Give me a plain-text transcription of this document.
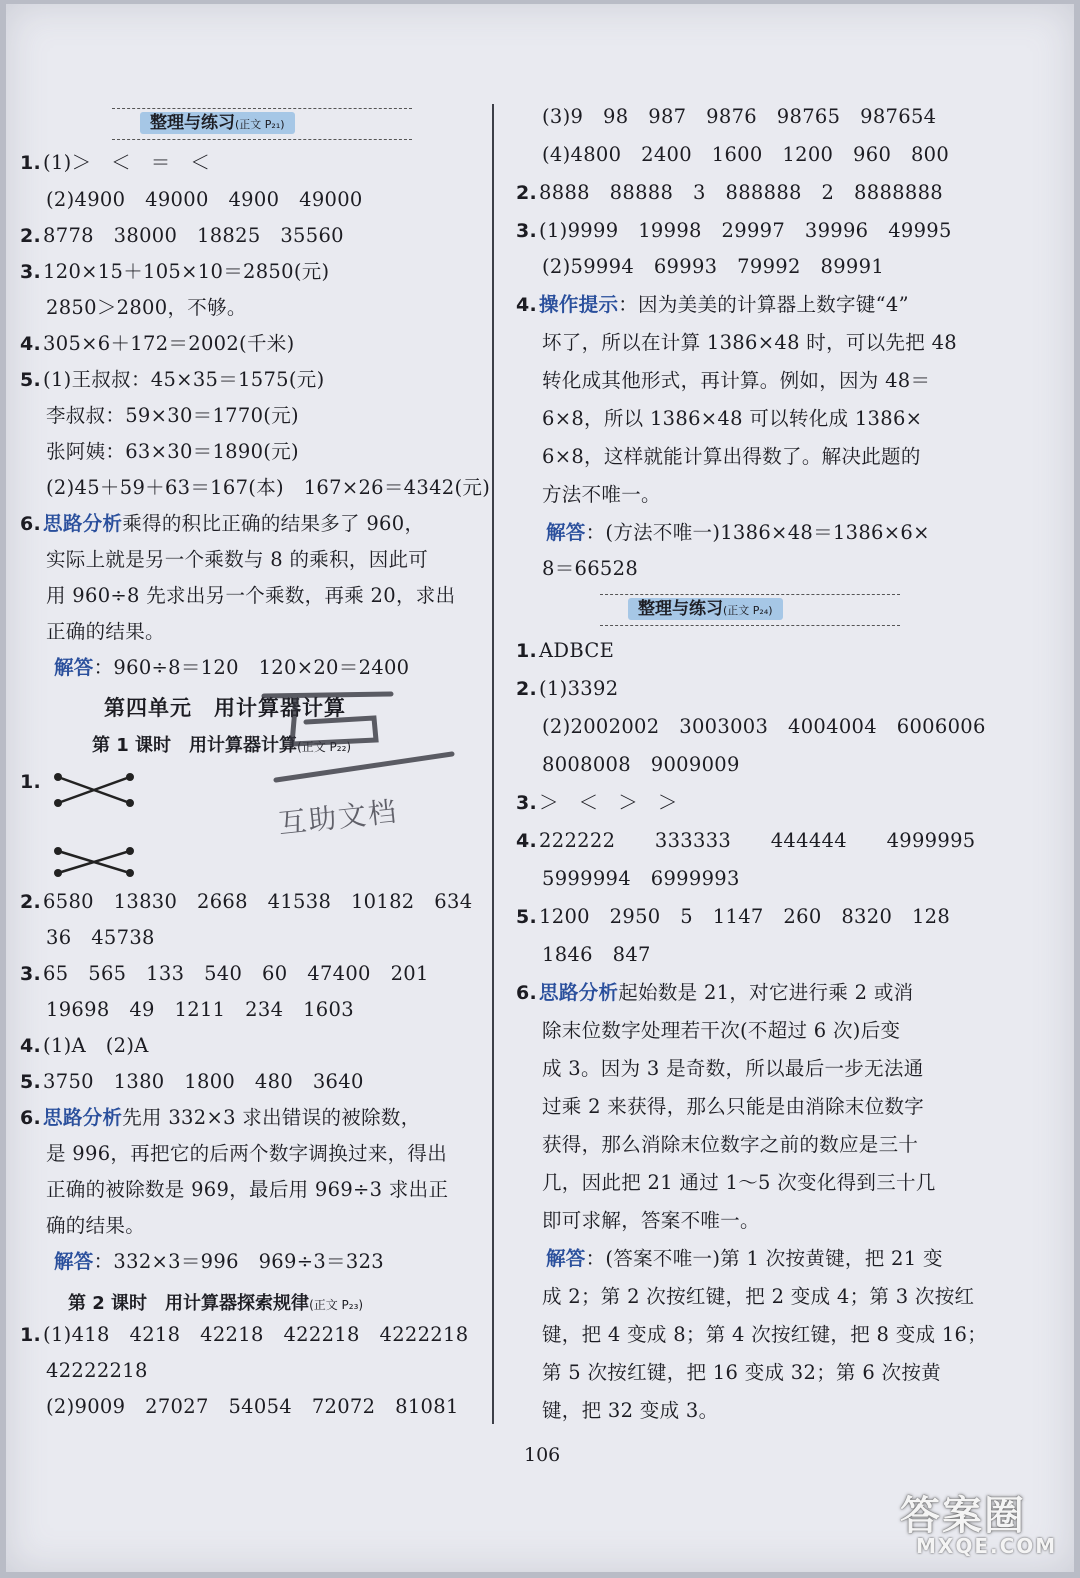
整理与练习(正文 P₂₁)
1. (1)＞　＜　＝　＜
(2)4900　49000　4900　49000
2. 8778　38000　18825　35560
3. 120×15＋105×10＝2850(元)
2850＞2800，不够。
4. 305×6＋172＝2002(千米)
5. (1)王叔叔：45×35＝1575(元)
李叔叔：59×30＝1770(元)
张阿姨：63×30＝1890(元)
(2)45＋59＋63＝167(本)　167×26＝4342(元)
6. 思路分析乘得的积比正确的结果多了 960，
实际上就是另一个乘数与 8 的乘积，因此可
用 960÷8 先求出另一个乘数，再乘 20，求出
正确的结果。
解答：960÷8＝120　120×20＝2400
第四单元　用计算器计算
第 1 课时　用计算器计算(正文 P₂₂)
1.
2. 6580　13830　2668　41538　10182　634
36　45738
3. 65　565　133　540　60　47400　201
19698　49　1211　234　1603
4. (1)A　(2)A
5. 3750　1380　1800　480　3640
6. 思路分析先用 332×3 求出错误的被除数，
是 996，再把它的后两个数字调换过来，得出
正确的被除数是 969，最后用 969÷3 求出正
确的结果。
解答：332×3＝996　969÷3＝323
第 2 课时　用计算器探索规律(正文 P₂₃)
1. (1)418　4218　42218　422218　4222218
42222218
(2)9009　27027　54054　72072　81081
(3)9　98　987　9876　98765　987654
(4)4800　2400　1600　1200　960　800
2. 8888　88888　3　888888　2　8888888
3. (1)9999　19998　29997　39996　49995
(2)59994　69993　79992　89991
4. 操作提示：因为美美的计算器上数字键“4”
坏了，所以在计算 1386×48 时，可以先把 48
转化成其他形式，再计算。例如，因为 48＝
6×8，所以 1386×48 可以转化成 1386×
6×8，这样就能计算出得数了。解决此题的
方法不唯一。
解答：(方法不唯一)1386×48＝1386×6×
8＝66528
整理与练习(正文 P₂₄)
1. ADBCE
2. (1)3392
(2)2002002　3003003　4004004　6006006
8008008　9009009
3. ＞　＜　＞　＞
4. 222222　　333333　　444444　　4999995
5999994　6999993
5. 1200　2950　5　1147　260　8320　128
1846　847
6. 思路分析起始数是 21，对它进行乘 2 或消
除末位数字处理若干次(不超过 6 次)后变
成 3。因为 3 是奇数，所以最后一步无法通
过乘 2 来获得，那么只能是由消除末位数字
获得，那么消除末位数字之前的数应是三十
几，因此把 21 通过 1～5 次变化得到三十几
即可求解，答案不唯一。
解答：(答案不唯一)第 1 次按黄键，把 21 变
成 2；第 2 次按红键，把 2 变成 4；第 3 次按红
键，把 4 变成 8；第 4 次按红键，把 8 变成 16；
第 5 次按红键，把 16 变成 32；第 6 次按黄
键，把 32 变成 3。
106
互助文档
答案圈
MXQE.COM
